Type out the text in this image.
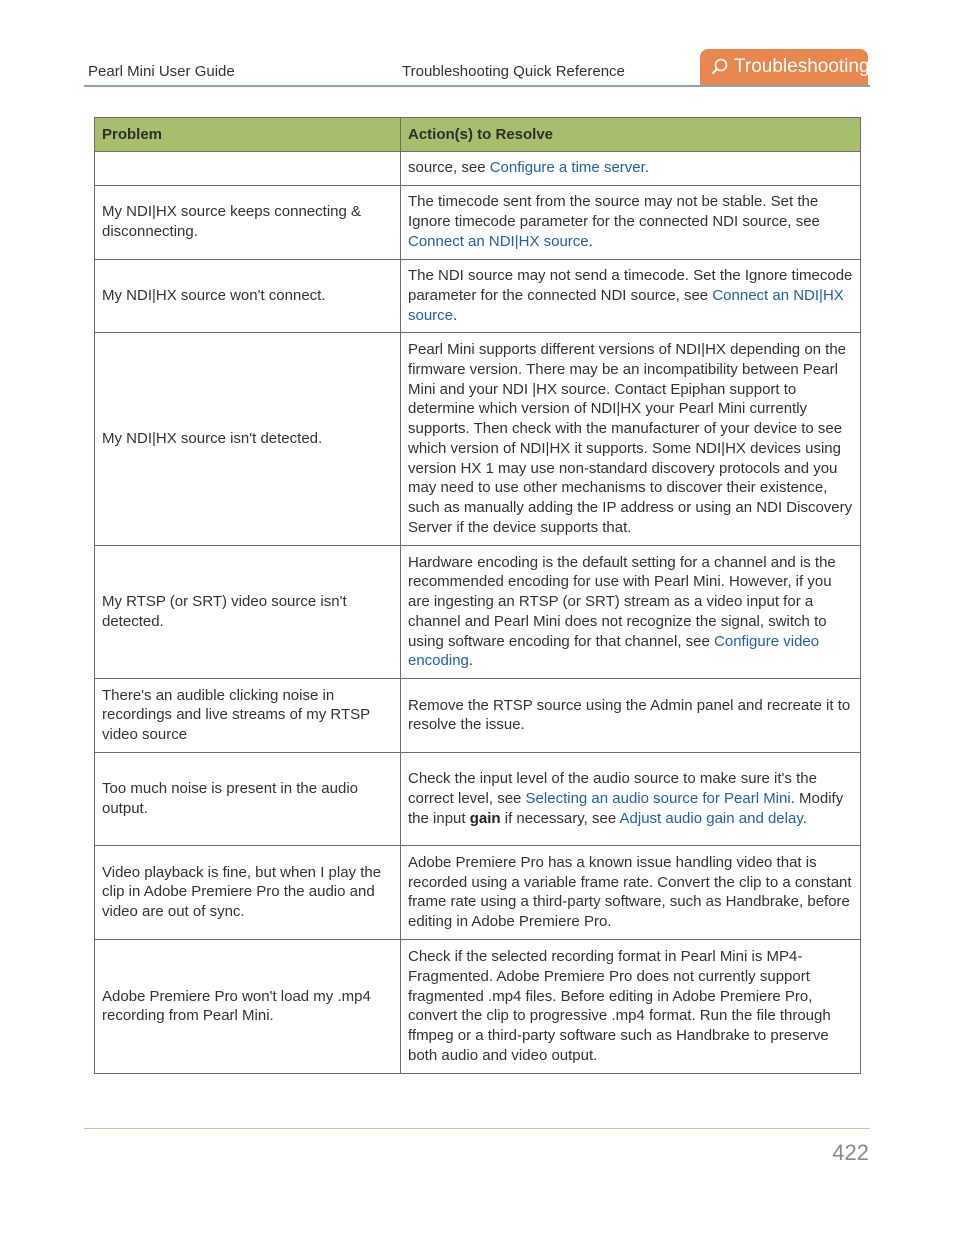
Pearl Mini User Guide	Troubleshooting Quick Reference	Troubleshooting
Problem	Action(s) to Resolve
	source, see Configure a time server.
My NDI|HX source keeps connecting & disconnecting.	The timecode sent from the source may not be stable. Set the Ignore timecode parameter for the connected NDI source, see Connect an NDI|HX source.
My NDI|HX source won't connect.	The NDI source may not send a timecode. Set the Ignore timecode parameter for the connected NDI source, see Connect an NDI|HX source.
My NDI|HX source isn't detected.	Pearl Mini supports different versions of NDI|HX depending on the firmware version. There may be an incompatibility between Pearl Mini and your NDI |HX source. Contact Epiphan support to determine which version of NDI|HX your Pearl Mini currently supports. Then check with the manufacturer of your device to see which version of NDI|HX it supports. Some NDI|HX devices using version HX 1 may use non-standard discovery protocols and you may need to use other mechanisms to discover their existence, such as manually adding the IP address or using an NDI Discovery Server if the device supports that.
My RTSP (or SRT) video source isn't detected.	Hardware encoding is the default setting for a channel and is the recommended encoding for use with Pearl Mini. However, if you are ingesting an RTSP (or SRT) stream as a video input for a channel and Pearl Mini does not recognize the signal, switch to using software encoding for that channel, see Configure video encoding.
There's an audible clicking noise in recordings and live streams of my RTSP video source	Remove the RTSP source using the Admin panel and recreate it to resolve the issue.
Too much noise is present in the audio output.	Check the input level of the audio source to make sure it's the correct level, see Selecting an audio source for Pearl Mini. Modify the input gain if necessary, see Adjust audio gain and delay.
Video playback is fine, but when I play the clip in Adobe Premiere Pro the audio and video are out of sync.	Adobe Premiere Pro has a known issue handling video that is recorded using a variable frame rate. Convert the clip to a constant frame rate using a third-party software, such as Handbrake, before editing in Adobe Premiere Pro.
Adobe Premiere Pro won't load my .mp4 recording from Pearl Mini.	Check if the selected recording format in Pearl Mini is MP4-Fragmented. Adobe Premiere Pro does not currently support fragmented .mp4 files. Before editing in Adobe Premiere Pro, convert the clip to progressive .mp4 format. Run the file through ffmpeg or a third-party software such as Handbrake to preserve both audio and video output.
422
